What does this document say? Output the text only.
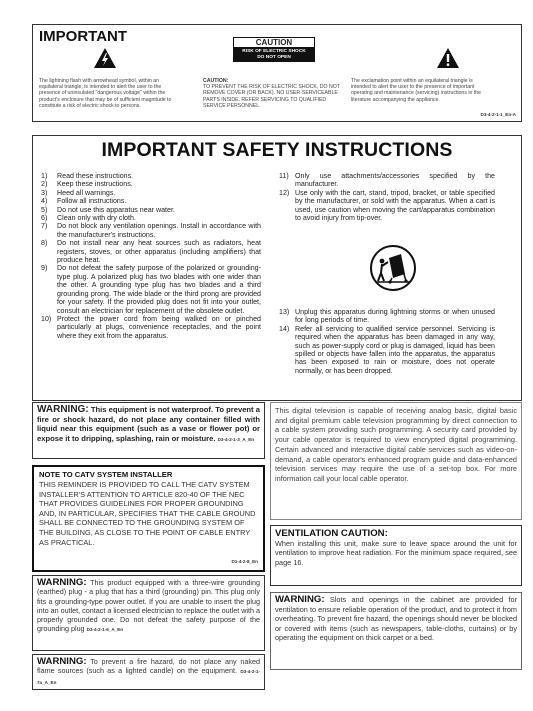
IMPORTANT	CAUTION
RISK OF ELECTRIC SHOCK
DO NOT OPEN
The lightning flash with arrowhead symbol, within an equilateral triangle, is intended to alert the user to the presence of uninsulated "dangerous voltage" within the product's enclosure that may be of sufficient magnitude to constitute a risk of electric shock to persons.
CAUTION:
TO PREVENT THE RISK OF ELECTRIC SHOCK, DO NOT REMOVE COVER (OR BACK). NO USER-SERVICEABLE PARTS INSIDE. REFER SERVICING TO QUALIFIED SERVICE PERSONNEL.
The exclamation point within an equilateral triangle is intended to alert the user to the presence of important operating and maintenance (servicing) instructions in the literature accompanying the appliance.
D3-4-2-1-1_En-A
IMPORTANT SAFETY INSTRUCTIONS
1)	Read these instructions.
2)	Keep these instructions.
3)	Heed all warnings.
4)	Follow all instructions.
5)	Do not use this apparatus near water.
6)	Clean only with dry cloth.
7)	Do not block any ventilation openings. Install in accordance with the manufacturer's instructions.
8)	Do not install near any heat sources such as radiators, heat registers, stoves, or other apparatus (including amplifiers) that produce heat.
9)	Do not defeat the safety purpose of the polarized or grounding-type plug. A polarized plug has two blades with one wider than the other. A grounding type plug has two blades and a third grounding prong. The wide blade or the third prong are provided for your safety. If the provided plug does not fit into your outlet, consult an electrician for replacement of the obsolete outlet.
10) Protect the power cord from being walked on or pinched particularly at plugs, convenience receptacles, and the point where they exit from the apparatus.
11) Only use attachments/accessories specified by the manufacturer.
12) Use only with the cart, stand, tripod, bracket, or table specified by the manufacturer, or sold with the apparatus. When a cart is used, use caution when moving the cart/apparatus combination to avoid injury from tip-over.
13) Unplug this apparatus during lightning storms or when unused for long periods of time.
14) Refer all servicing to qualified service personnel. Servicing is required when the apparatus has been damaged in any way, such as power-supply cord or plug is damaged, liquid has been spilled or objects have fallen into the apparatus, the apparatus has been exposed to rain or moisture, does not operate normally, or has been dropped.

WARNING: This equipment is not waterproof. To prevent a fire or shock hazard, do not place any container filled with liquid near this equipment (such as a vase or flower pot) or expose it to dripping, splashing, rain or moisture. D3-4-2-1-3_A_En

NOTE TO CATV SYSTEM INSTALLER
THIS REMINDER IS PROVIDED TO CALL THE CATV SYSTEM INSTALLER'S ATTENTION TO ARTICLE 820-40 OF THE NEC THAT PROVIDES GUIDELINES FOR PROPER GROUNDING AND, IN PARTICULAR, SPECIFIES THAT THE CABLE GROUND SHALL BE CONNECTED TO THE GROUNDING SYSTEM OF THE BUILDING, AS CLOSE TO THE POINT OF CABLE ENTRY AS PRACTICAL.
D1-4-2-8_En

WARNING: This product equipped with a three-wire grounding (earthed) plug - a plug that has a third (grounding) pin. This plug only fits a grounding-type power outlet. If you are unable to insert the plug into an outlet, contact a licensed electrician to replace the outlet with a properly grounded one. Do not defeat the safety purpose of the grounding plug D3-4-2-1-6_A_En

WARNING: To prevent a fire hazard, do not place any naked flame sources (such as a lighted candle) on the equipment. D3-4-2-1-7a_A_En

This digital television is capable of receiving analog basic, digital basic and digital premium cable television programming by direct connection to a cable system providing such programming. A security card provided by your cable operator is required to view encrypted digital programming. Certain advanced and interactive digital cable services such as video-on-demand, a cable operator's enhanced program guide and data-enhanced television services may require the use of a set-top box. For more information call your local cable operator.
VENTILATION CAUTION:
When installing this unit, make sure to leave space around the unit for ventilation to improve heat radiation. For the minimum space required, see page 16.

WARNING: Slots and openings in the cabinet are provided for ventilation to ensure reliable operation of the product, and to protect it from overheating. To prevent fire hazard, the openings should never be blocked or covered with items (such as newspapers, table-cloths, curtains) or by operating the equipment on thick carpet or a bed.
